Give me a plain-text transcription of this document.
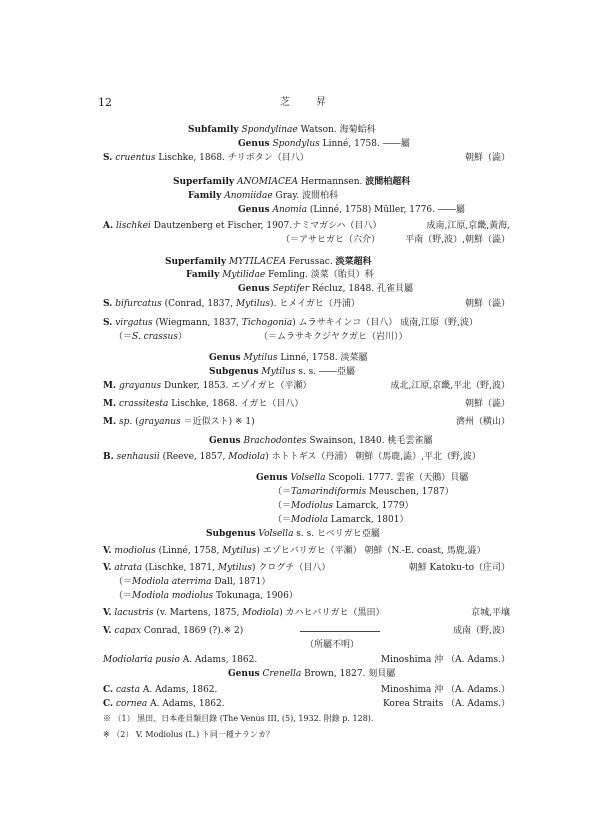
12	芝　　昇
Subfamily Spondylinae Watson. 海菊蛤科
Genus Spondylus Linné, 1758. ――屬
S. cruentus Lischke, 1868. チリボタン（目八）	朝鮮（澁）
Superfamily ANOMIACEA Hermannsen. 波間柏超科
Family Anomiidae Gray. 波間柏科
Genus Anomia (Linné, 1758) Müller, 1776. ――屬
A. lischkei Dautzenberg et Fischer, 1907.ナミマガシハ（目八）	成南,江原,京畿,黃海,
（＝アサヒガヒ（六介）	平南（野,波）,朝鮮（澁）
Superfamily MYTILACEA Ferussac. 淡菜超科
Family Mytilidae Femling. 淡菜（貽貝）科
Genus Septifer Récluz, 1848. 孔雀貝屬
S. bifurcatus (Conrad, 1837, Mytilus). ヒメイガヒ（丹浦）	朝鮮（澁）
S. virgatus (Wiegmann, 1837, Tichogonia) ムラサキインコ（目八） 成南,江原（野,波）
（＝S. crassus）　　　　　　　　　（＝ムラサキクジヤクガヒ（岩川））
Genus Mytilus Linné, 1758. 淡菜屬
Subgenus Mytilus s. s. ――亞屬
M. grayanus Dunker, 1853. エゾイガヒ（平瀬）	成北,江原,京畿,平北（野,波）
M. crassitesta Lischke, 1868. イガヒ（目八）	朝鮮（澁）
M. sp. (grayanus ＝近似スト) ※ 1)	濟州（横山）
Genus Brachodontes Swainson, 1840. 桃毛雲雀屬
B. senhausii (Reeve, 1857, Modiola) ホトトギス（丹浦） 朝鮮（馬鹿,澁）,平北（野,波）
Genus Volsella Scopoli. 1777. 雲雀（天鵝）貝屬
（＝Tamarindiformis Meuschen, 1787）
（＝Modiolus Lamarck, 1779）
（＝Modiola Lamarck, 1801）
Subgenus Volsella s. s. ヒベリガヒ亞屬
V. modiolus (Linné, 1758, Mytilus) エゾヒバリガヒ（平瀬） 朝鮮（N.-E. coast, 馬鹿,澁）
V. atrata (Lischke, 1871, Mytilus) クログチ（目八）	朝鮮 Katoku-to（庄司）
（＝Modiola aterrima Dall, 1871）
（＝Modiola modiolus Tokunaga, 1906）
V. lacustris (v. Martens, 1875, Modiola) カハヒバリガヒ（黒田）	京城,平壤
V. capax Conrad, 1869 (?).※ 2)	成南（野,波）
（所屬不明）
Modiolaria pusio A. Adams, 1862.	Minoshima 沖 （A. Adams.）
Genus Crenella Brown, 1827. 刻貝屬
C. casta A. Adams, 1862.	Minoshima 沖 （A. Adams.）
C. cornea A. Adams, 1862.	Korea Straits （A. Adams.）
※ （1） 黒田、日本產貝類目錄 (The Venus III, (5), 1932. 附錄 p. 128).
※ （2） V. Modiolus (L.) ト同一種ナランカ？
